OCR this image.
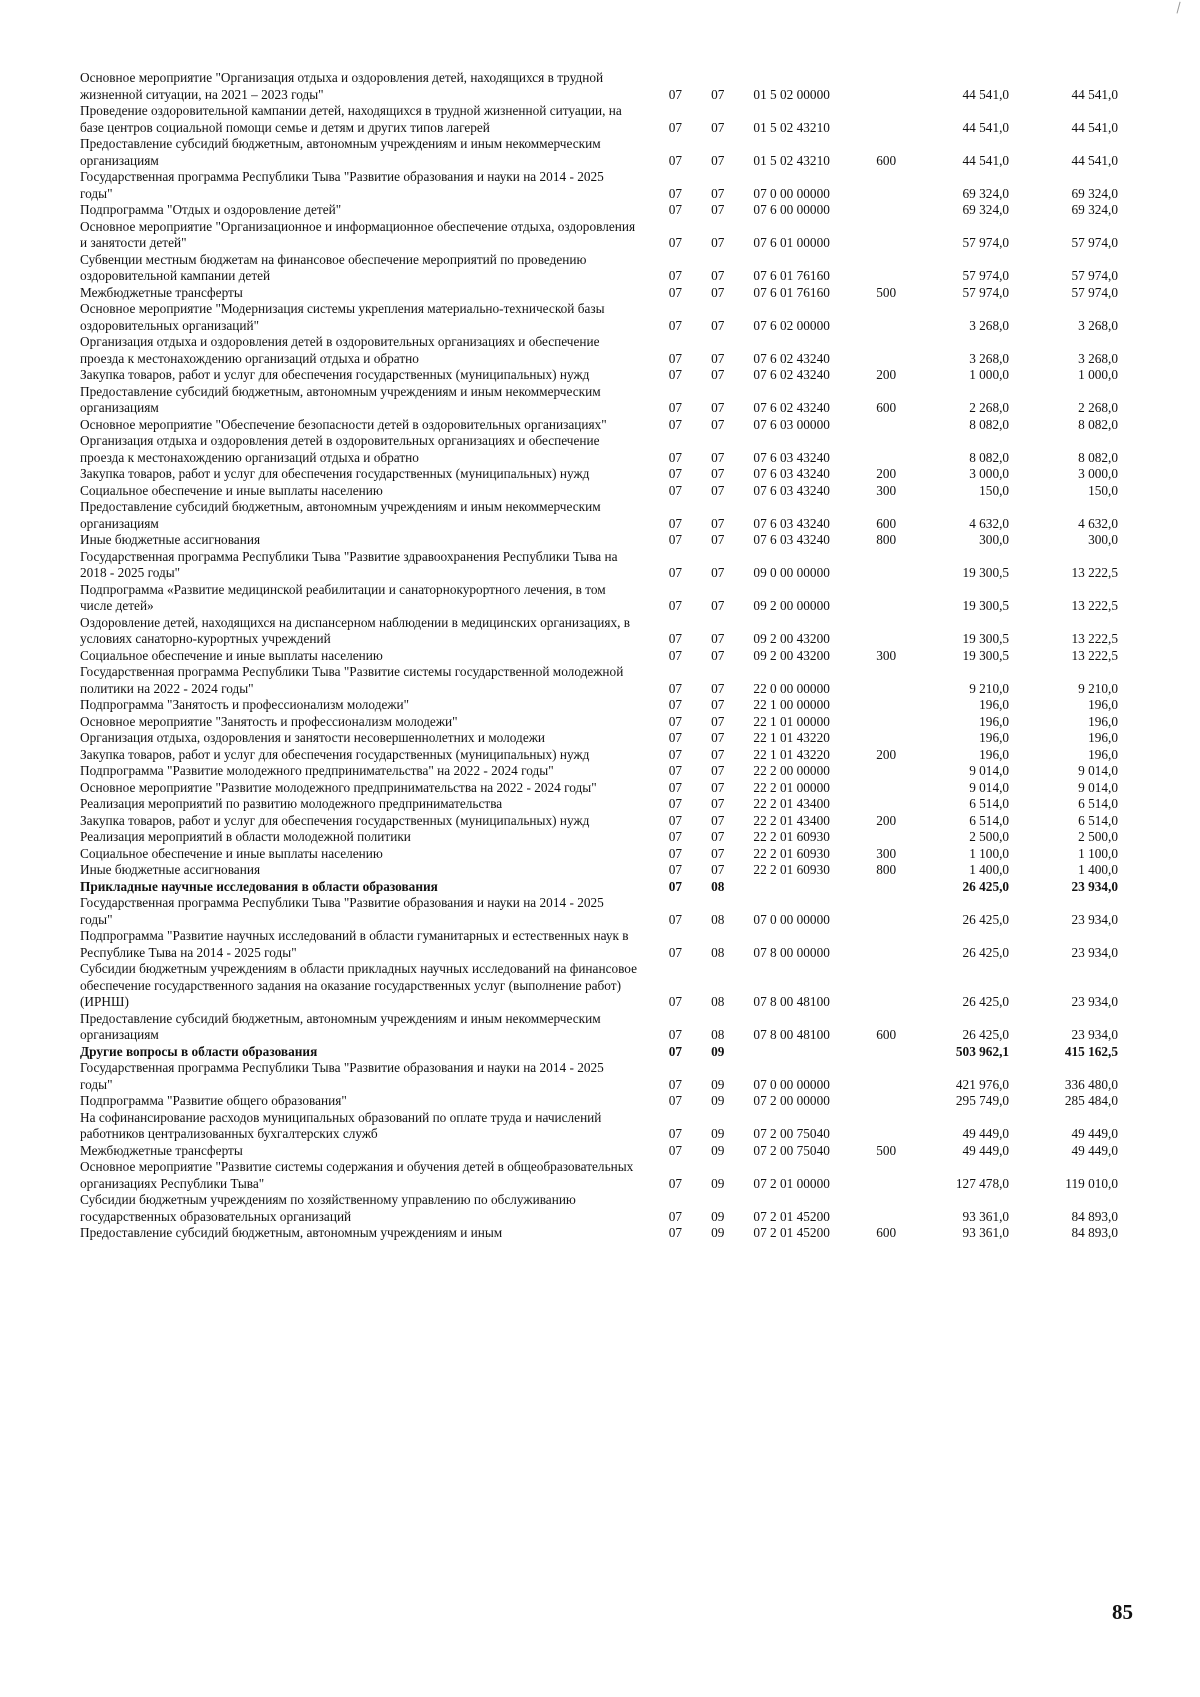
Основное мероприятие "Организация отдыха и оздоровления детей, находящихся в трудной жизненной ситуации, на 2021 – 2023 годы"	07	07	01 5 02 00000		44 541,0	44 541,0
Проведение оздоровительной кампании детей, находящихся в трудной жизненной ситуации, на базе центров социальной помощи семье и детям и других типов лагерей	07	07	01 5 02 43210		44 541,0	44 541,0
Предоставление субсидий бюджетным, автономным учреждениям и иным некоммерческим организациям	07	07	01 5 02 43210	600	44 541,0	44 541,0
Государственная программа Республики Тыва "Развитие образования и науки на 2014 - 2025 годы"	07	07	07 0 00 00000		69 324,0	69 324,0
Подпрограмма "Отдых и оздоровление детей"	07	07	07 6 00 00000		69 324,0	69 324,0
Основное мероприятие "Организационное и информационное обеспечение отдыха, оздоровления и занятости детей"	07	07	07 6 01 00000		57 974,0	57 974,0
Субвенции местным бюджетам на финансовое обеспечение мероприятий по проведению оздоровительной кампании детей	07	07	07 6 01 76160		57 974,0	57 974,0
Межбюджетные трансферты	07	07	07 6 01 76160	500	57 974,0	57 974,0
Основное мероприятие "Модернизация системы укрепления материально-технической базы оздоровительных организаций"	07	07	07 6 02 00000		3 268,0	3 268,0
Организация отдыха и оздоровления детей в оздоровительных организациях и обеспечение проезда к местонахождению организаций отдыха и обратно	07	07	07 6 02 43240		3 268,0	3 268,0
Закупка товаров, работ и услуг для обеспечения государственных (муниципальных) нужд	07	07	07 6 02 43240	200	1 000,0	1 000,0
Предоставление субсидий бюджетным, автономным учреждениям и иным некоммерческим организациям	07	07	07 6 02 43240	600	2 268,0	2 268,0
Основное мероприятие "Обеспечение безопасности детей в оздоровительных организациях"	07	07	07 6 03 00000		8 082,0	8 082,0
Организация отдыха и оздоровления детей в оздоровительных организациях и обеспечение проезда к местонахождению организаций отдыха и обратно	07	07	07 6 03 43240		8 082,0	8 082,0
Закупка товаров, работ и услуг для обеспечения государственных (муниципальных) нужд	07	07	07 6 03 43240	200	3 000,0	3 000,0
Социальное обеспечение и иные выплаты населению	07	07	07 6 03 43240	300	150,0	150,0
Предоставление субсидий бюджетным, автономным учреждениям и иным некоммерческим организациям	07	07	07 6 03 43240	600	4 632,0	4 632,0
Иные бюджетные ассигнования	07	07	07 6 03 43240	800	300,0	300,0
Государственная программа Республики Тыва "Развитие здравоохранения Республики Тыва на 2018 - 2025 годы"	07	07	09 0 00 00000		19 300,5	13 222,5
Подпрограмма «Развитие медицинской реабилитации и санаторнокурортного лечения, в том числе детей»	07	07	09 2 00 00000		19 300,5	13 222,5
Оздоровление детей, находящихся на диспансерном наблюдении в медицинских организациях, в условиях санаторно-курортных учреждений	07	07	09 2 00 43200		19 300,5	13 222,5
Социальное обеспечение и иные выплаты населению	07	07	09 2 00 43200	300	19 300,5	13 222,5
Государственная программа Республики Тыва "Развитие системы государственной молодежной политики на 2022 - 2024 годы"	07	07	22 0 00 00000		9 210,0	9 210,0
Подпрограмма "Занятость и профессионализм молодежи"	07	07	22 1 00 00000		196,0	196,0
Основное мероприятие "Занятость и профессионализм молодежи"	07	07	22 1 01 00000		196,0	196,0
Организация отдыха, оздоровления и занятости несовершеннолетних и молодежи	07	07	22 1 01 43220		196,0	196,0
Закупка товаров, работ и услуг для обеспечения государственных (муниципальных) нужд	07	07	22 1 01 43220	200	196,0	196,0
Подпрограмма "Развитие молодежного предпринимательства" на 2022 - 2024 годы"	07	07	22 2 00 00000		9 014,0	9 014,0
Основное мероприятие "Развитие молодежного предпринимательства на 2022 - 2024 годы"	07	07	22 2 01 00000		9 014,0	9 014,0
Реализация мероприятий по развитию молодежного предпринимательства	07	07	22 2 01 43400		6 514,0	6 514,0
Закупка товаров, работ и услуг для обеспечения государственных (муниципальных) нужд	07	07	22 2 01 43400	200	6 514,0	6 514,0
Реализация мероприятий в области молодежной политики	07	07	22 2 01 60930		2 500,0	2 500,0
Социальное обеспечение и иные выплаты населению	07	07	22 2 01 60930	300	1 100,0	1 100,0
Иные бюджетные ассигнования	07	07	22 2 01 60930	800	1 400,0	1 400,0
Прикладные научные исследования в области образования	07	08			26 425,0	23 934,0
Государственная программа Республики Тыва "Развитие образования и науки на 2014 - 2025 годы"	07	08	07 0 00 00000		26 425,0	23 934,0
Подпрограмма "Развитие научных исследований в области гуманитарных и естественных наук в Республике Тыва на 2014 - 2025 годы"	07	08	07 8 00 00000		26 425,0	23 934,0
Субсидии бюджетным учреждениям в области прикладных научных исследований на финансовое обеспечение государственного задания на оказание государственных услуг (выполнение работ) (ИРНШ)	07	08	07 8 00 48100		26 425,0	23 934,0
Предоставление субсидий бюджетным, автономным учреждениям и иным некоммерческим организациям	07	08	07 8 00 48100	600	26 425,0	23 934,0
Другие вопросы в области образования	07	09			503 962,1	415 162,5
Государственная программа Республики Тыва "Развитие образования и науки на 2014 - 2025 годы"	07	09	07 0 00 00000		421 976,0	336 480,0
Подпрограмма "Развитие общего образования"	07	09	07 2 00 00000		295 749,0	285 484,0
На софинансирование расходов муниципальных образований по оплате труда и начислений работников централизованных бухгалтерских служб	07	09	07 2 00 75040		49 449,0	49 449,0
Межбюджетные трансферты	07	09	07 2 00 75040	500	49 449,0	49 449,0
Основное мероприятие "Развитие системы содержания и обучения детей в общеобразовательных организациях Республики Тыва"	07	09	07 2 01 00000		127 478,0	119 010,0
Субсидии бюджетным учреждениям по хозяйственному управлению по обслуживанию государственных образовательных организаций	07	09	07 2 01 45200		93 361,0	84 893,0
Предоставление субсидий бюджетным, автономным учреждениям и иным	07	09	07 2 01 45200	600	93 361,0	84 893,0
85
